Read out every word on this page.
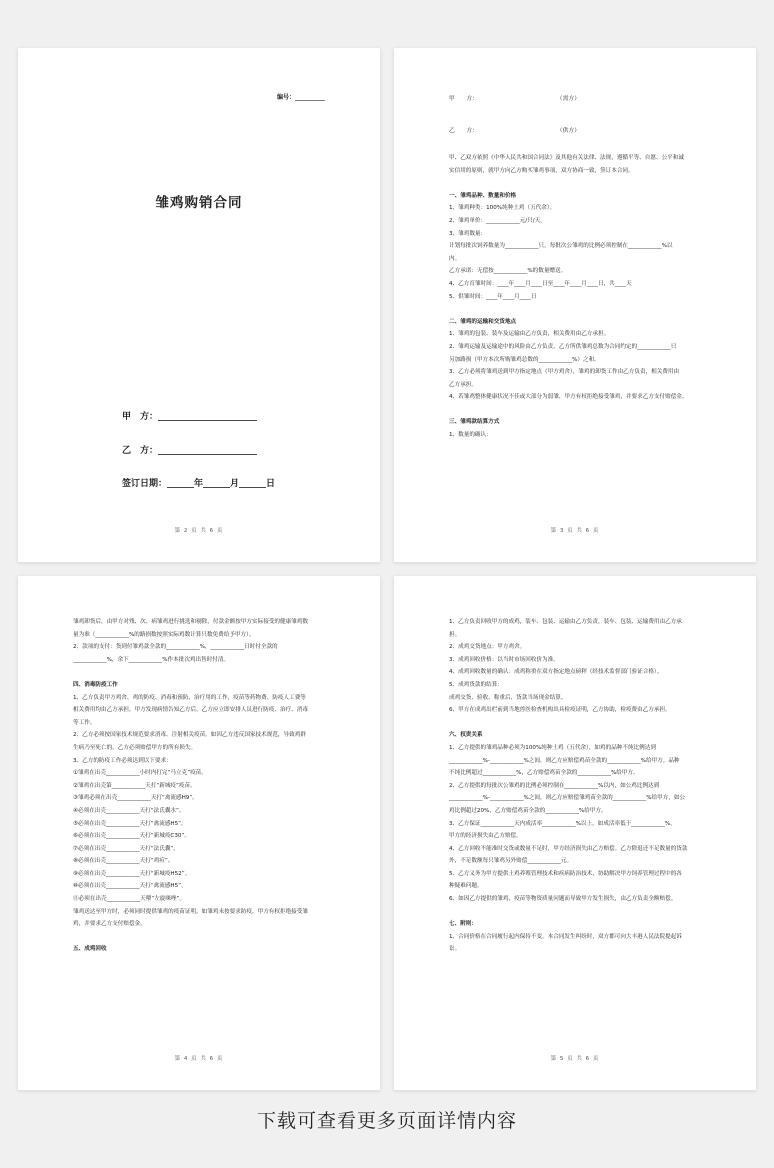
编号：__________
雏鸡购销合同
甲　方：______________________
乙　方：______________________
签订日期：______年______月______日
第 2 页 共 6 页
甲　　方：	（需方）
乙　　方：	（供方）

甲、乙双方依照《中华人民共和国合同法》及其他有关法律、法规，遵循平等、自愿、公平和诚

实信用的原则，就甲方向乙方购买雏鸡事项，双方协商一致，签订本合同。

一、雏鸡品种、数量和价格

1、雏鸡种类：100%纯种土鸡（五代余）。

2、雏鸡单价：____________元/只/天。

3、雏鸡数量：

计划每批次饲养数量为____________只，每批次公雏鸡的比例必须控制在____________%以

内。

乙方承诺：无偿按____________%的数量赠送。

4、乙方育雏时间：____年____月____日至____年____月____日，共____天

5、供雏时间：____年____月____日

二、雏鸡的运输和交货地点

1、雏鸡的包装、装车及运输由乙方负责，相关费用由乙方承担。

2、雏鸡运输及运输途中的风险由乙方负责，乙方所供雏鸡总数为合同约定的____________只

另加路损（甲方本次所购雏鸡总数的____________%）之和。

3、乙方必须将雏鸡送到甲方指定地点（甲方鸡舍），雏鸡的卸货工作由乙方负责，相关费用由

乙方承担。

4、若雏鸡整体健康状况不佳或大部分为弱雏，甲方有权拒绝接受雏鸡，并要求乙方支付赔偿金。

三、雏鸡款结算方式

1、数量的确认：

第 3 页 共 6 页

雏鸡卸货后，由甲方对残、次、病雏鸡进行挑选和剔除，付款金额按甲方实际接受的健康雏鸡数

量为准（____________%的路损数按照实际鸡数计算只数免费给予甲方）。

2、款项的支付：货到付雏鸡款全款的____________%，____________日时付全款的

____________%，余下____________%作本批次鸡出售时付清。

四、消毒防疫工作

1、乙方负责甲方鸡舍、鸡的防疫、消毒和预防、治疗用的工作，疫苗等药物费、防疫人工费等

相关费用均由乙方承担。甲方发现病情告知乙方后，乙方应立即安排人员进行防疫、治疗、消毒

等工作。

2、乙方必须按国家技术规范要求消毒、注射相关疫苗。如因乙方违反国家技术规范，导致鸡群

生病乃至死亡的，乙方必须赔偿甲方的所有损失。

3、乙方的防疫工作必须达到以下要求：

①雏鸡在出壳____________小时内打完“马立克”疫苗。

②雏鸡在出壳第____________天打“新城疫”疫苗。

③雏鸡必须在出壳____________天打“禽流感H9”。

④必须在出壳____________天打“法氏囊水”。

⑤必须在出壳____________天打“禽流感H5”。

⑥必须在出壳____________天打“新城疫C30”。

⑦必须在出壳____________天打“法氏囊”。

⑧必须在出壳____________天打“鸡痘”。

⑨必须在出壳____________天打“新城疫H52”。

⑩必须在出壳____________天打“禽流感H5”。

⑪必须在出壳____________天喂“左旋咪唑”。

雏鸡送达至甲方时，必须同时提供雏鸡的疫苗证明。如雏鸡未按要求防疫，甲方有权拒绝接受雏

鸡，并要求乙方支付赔偿金。

五、成鸡回收

第 4 页 共 6 页

1、乙方负责回收甲方的成鸡，装车、包装、运输由乙方负责，装车、包装、运输费用由乙方承

担。

2、成鸡交货地点：甲方鸡舍。

3、成鸡回收价格：以当时市场回收价为准。

4、成鸡回收数量的确认：成鸡称重在双方指定地点磅秤（经技术监督部门验证合格）。

5、成鸡货款的结算：

成鸡交货、验收、称重后，货款当场现金结算。

6、甲方在成鸡出栏前到当地兽医检查机构出具检疫证明，乙方协助，检疫费由乙方承担。

六、权责关系

1、乙方提供的雏鸡品种必须为100%纯种土鸡（五代余），如鸡的品种不纯比例达到

____________%-____________%之间，则乙方应赔偿鸡苗全款的____________%给甲方。品种

不纯比例超过____________%，乙方赔偿鸡苗全款的____________%给甲方。

2、乙方提供的每批次公雏鸡的比例必须控制在____________%以内，如公鸡比例达到

____________%-____________%之间，则乙方应赔偿雏鸡苗全款的____________%给甲方，如公

鸡比例超过20%，乙方赔偿鸡苗全款的____________%给甲方。

3、乙方保证____________天内成活率____________%以上，如成活率低于____________%，

甲方的经济损失由乙方赔偿。

4、乙方回收不能准时交货或数量不足时，甲方经济损失由乙方赔偿。乙方除退还不足数量的货款

外，不足数额每只雏鸡另外赔偿____________元。

5、乙方义务为甲方提供土鸡养殖管理技术和疾病防治技术，协助解决甲方饲养管理过程中的各

种疑难问题。

6、如因乙方提供的雏鸡、疫苗等物资质量问题而导致甲方发生损失，由乙方负责全额赔偿。

七、附则：

1、合同价格在合同履行起内保持不变。本合同发生纠纷时，双方都可向大丰港人民法院提起诉

讼。

第 5 页 共 6 页
下载可查看更多页面详情内容
